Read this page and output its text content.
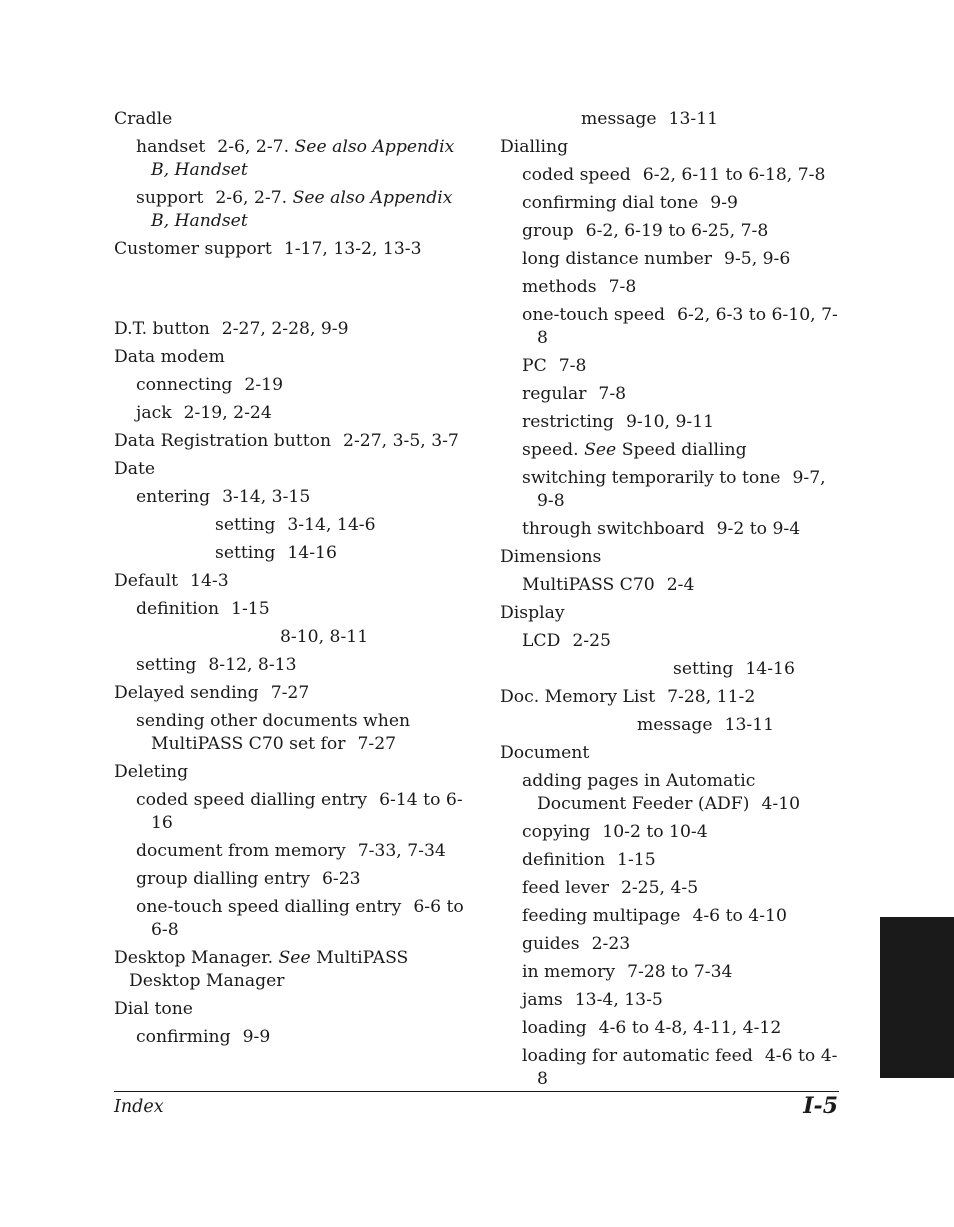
Cradle
handset 2-6, 2-7. See also Appendix B, Handset
support 2-6, 2-7. See also Appendix B, Handset
Customer support 1-17, 13-2, 13-3
D.T. button 2-27, 2-28, 9-9
Data modem
connecting 2-19
jack 2-19, 2-24
Data Registration button 2-27, 3-5, 3-7
Date
entering 3-14, 3-15
setting 3-14, 14-6
setting 14-16
Default 14-3
definition 1-15
8-10, 8-11
setting 8-12, 8-13
Delayed sending 7-27
sending other documents when MultiPASS C70 set for 7-27
Deleting
coded speed dialling entry 6-14 to 6-16
document from memory 7-33, 7-34
group dialling entry 6-23
one-touch speed dialling entry 6-6 to 6-8
Desktop Manager. See MultiPASS Desktop Manager
Dial tone
confirming 9-9
message 13-11
Dialling
coded speed 6-2, 6-11 to 6-18, 7-8
confirming dial tone 9-9
group 6-2, 6-19 to 6-25, 7-8
long distance number 9-5, 9-6
methods 7-8
one-touch speed 6-2, 6-3 to 6-10, 7-8
PC 7-8
regular 7-8
restricting 9-10, 9-11
speed. See Speed dialling
switching temporarily to tone 9-7, 9-8
through switchboard 9-2 to 9-4
Dimensions
MultiPASS C70 2-4
Display
LCD 2-25
setting 14-16
Doc. Memory List 7-28, 11-2
message 13-11
Document
adding pages in Automatic Document Feeder (ADF) 4-10
copying 10-2 to 10-4
definition 1-15
feed lever 2-25, 4-5
feeding multipage 4-6 to 4-10
guides 2-23
in memory 7-28 to 7-34
jams 13-4, 13-5
loading 4-6 to 4-8, 4-11, 4-12
loading for automatic feed 4-6 to 4-8
Index	I-5
